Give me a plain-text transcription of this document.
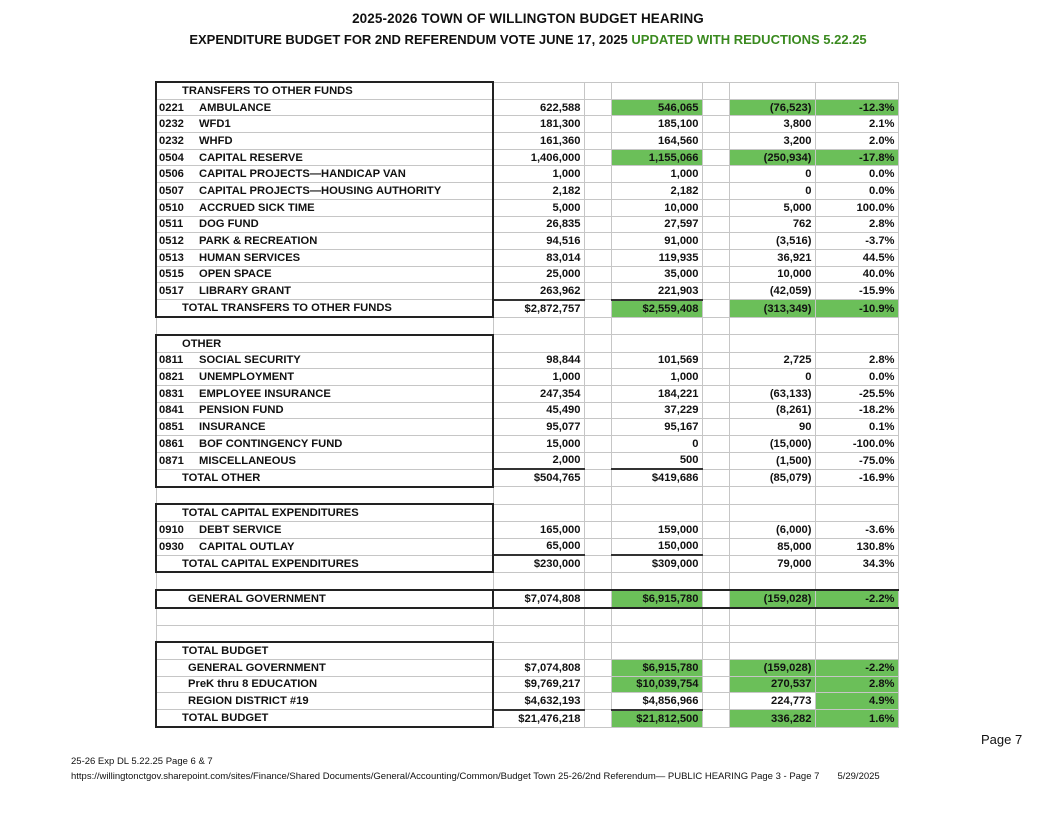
2025-2026 TOWN OF WILLINGTON BUDGET HEARING
EXPENDITURE BUDGET FOR 2ND REFERENDUM VOTE JUNE 17, 2025 UPDATED WITH REDUCTIONS 5.22.25
TRANSFERS TO OTHER FUNDS						
0221 AMBULANCE	622,588		546,065		(76,523)	-12.3%
0232 WFD1	181,300		185,100		3,800	2.1%
0232 WHFD	161,360		164,560		3,200	2.0%
0504 CAPITAL RESERVE	1,406,000		1,155,066		(250,934)	-17.8%
0506 CAPITAL PROJECTS—HANDICAP VAN	1,000		1,000		0	0.0%
0507 CAPITAL PROJECTS—HOUSING AUTHORITY	2,182		2,182		0	0.0%
0510 ACCRUED SICK TIME	5,000		10,000		5,000	100.0%
0511 DOG FUND	26,835		27,597		762	2.8%
0512 PARK & RECREATION	94,516		91,000		(3,516)	-3.7%
0513 HUMAN SERVICES	83,014		119,935		36,921	44.5%
0515 OPEN SPACE	25,000		35,000		10,000	40.0%
0517 LIBRARY GRANT	263,962		221,903		(42,059)	-15.9%
TOTAL TRANSFERS TO OTHER FUNDS	$2,872,757		$2,559,408		(313,349)	-10.9%

OTHER						
0811 SOCIAL SECURITY	98,844		101,569		2,725	2.8%
0821 UNEMPLOYMENT	1,000		1,000		0	0.0%
0831 EMPLOYEE INSURANCE	247,354		184,221		(63,133)	-25.5%
0841 PENSION FUND	45,490		37,229		(8,261)	-18.2%
0851 INSURANCE	95,077		95,167		90	0.1%
0861 BOF CONTINGENCY FUND	15,000		0		(15,000)	-100.0%
0871 MISCELLANEOUS	2,000		500		(1,500)	-75.0%
TOTAL OTHER	$504,765		$419,686		(85,079)	-16.9%

TOTAL CAPITAL EXPENDITURES						
0910 DEBT SERVICE	165,000		159,000		(6,000)	-3.6%
0930 CAPITAL OUTLAY	65,000		150,000		85,000	130.8%
TOTAL CAPITAL EXPENDITURES	$230,000		$309,000		79,000	34.3%

GENERAL GOVERNMENT	$7,074,808		$6,915,780		(159,028)	-2.2%

TOTAL BUDGET						
GENERAL GOVERNMENT	$7,074,808		$6,915,780		(159,028)	-2.2%
PreK thru 8 EDUCATION	$9,769,217		$10,039,754		270,537	2.8%
REGION DISTRICT #19	$4,632,193		$4,856,966		224,773	4.9%
TOTAL BUDGET	$21,476,218		$21,812,500		336,282	1.6%
Page 7
25-26 Exp DL 5.22.25 Page 6 & 7
https://willingtonctgov.sharepoint.com/sites/Finance/Shared Documents/General/Accounting/Common/Budget Town 25-26/2nd Referendum— PUBLIC HEARING Page 3 - Page 7 5/29/2025
